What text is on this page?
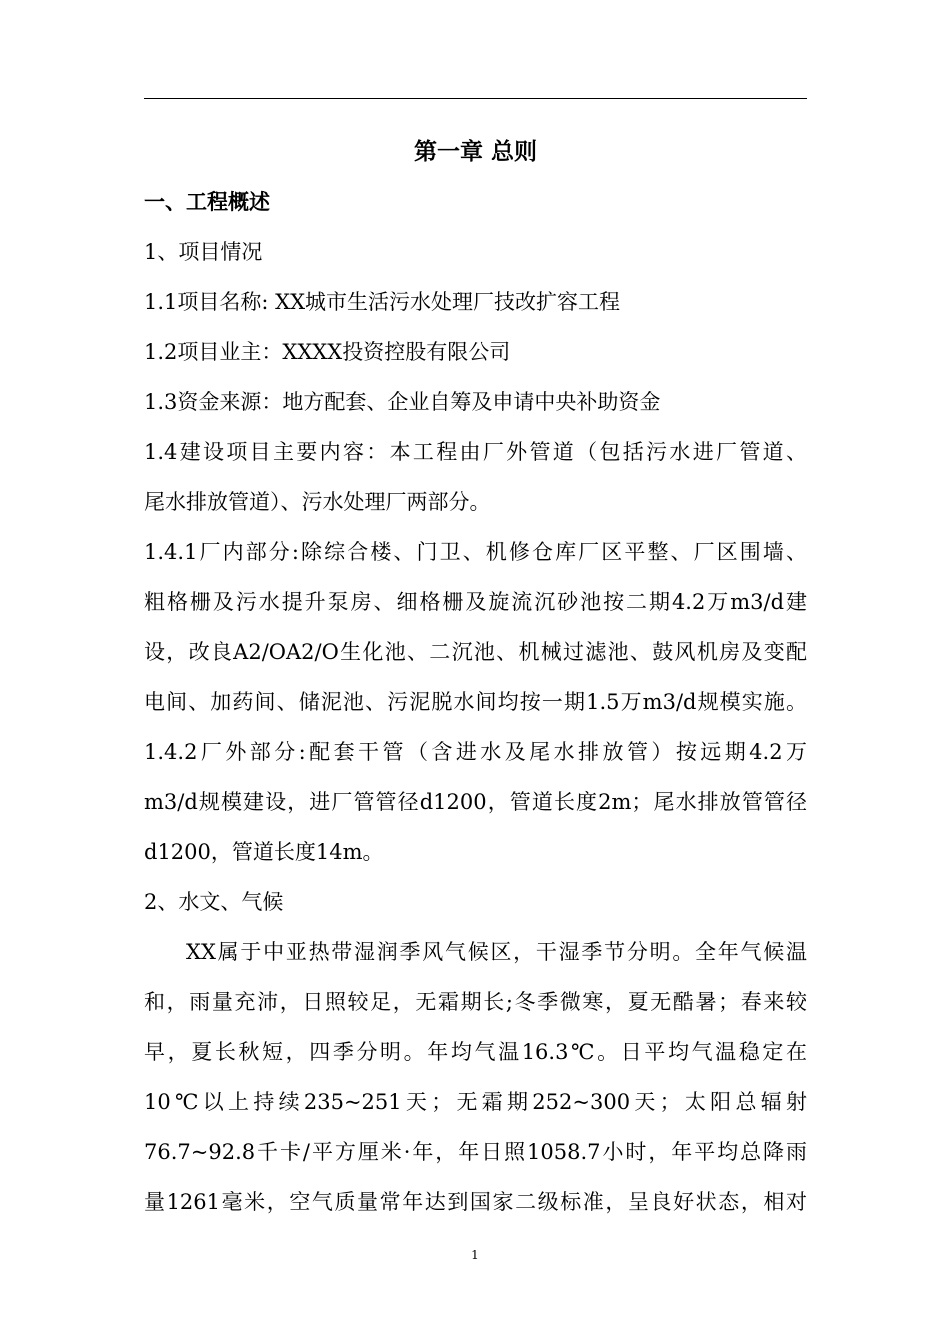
第一章 总则
一、工程概述
1、项目情况
1.1项目名称: XX城市生活污水处理厂技改扩容工程
1.2项目业主：XXXX投资控股有限公司
1.3资金来源：地方配套、企业自筹及申请中央补助资金
1.4建设项目主要内容：本工程由厂外管道（包括污水进厂管道、
尾水排放管道）、污水处理厂两部分。
1.4.1厂内部分:除综合楼、门卫、机修仓库厂区平整、厂区围墙、
粗格栅及污水提升泵房、细格栅及旋流沉砂池按二期4.2万m3/d建
设，改良A2/OA2/O生化池、二沉池、机械过滤池、鼓风机房及变配
电间、加药间、储泥池、污泥脱水间均按一期1.5万m3/d规模实施。
1.4.2厂外部分:配套干管（含进水及尾水排放管）按远期4.2万
m3/d规模建设，进厂管管径d1200，管道长度2m；尾水排放管管径
d1200，管道长度14m。
2、水文、气候
XX属于中亚热带湿润季风气候区，干湿季节分明。全年气候温
和，雨量充沛，日照较足，无霜期长;冬季微寒，夏无酷暑；春来较
早，夏长秋短，四季分明。年均气温16.3℃。日平均气温稳定在
10℃以上持续235~251天；无霜期252~300天；太阳总辐射
76.7~92.8千卡/平方厘米·年，年日照1058.7小时，年平均总降雨
量1261毫米，空气质量常年达到国家二级标准，呈良好状态，相对
1
